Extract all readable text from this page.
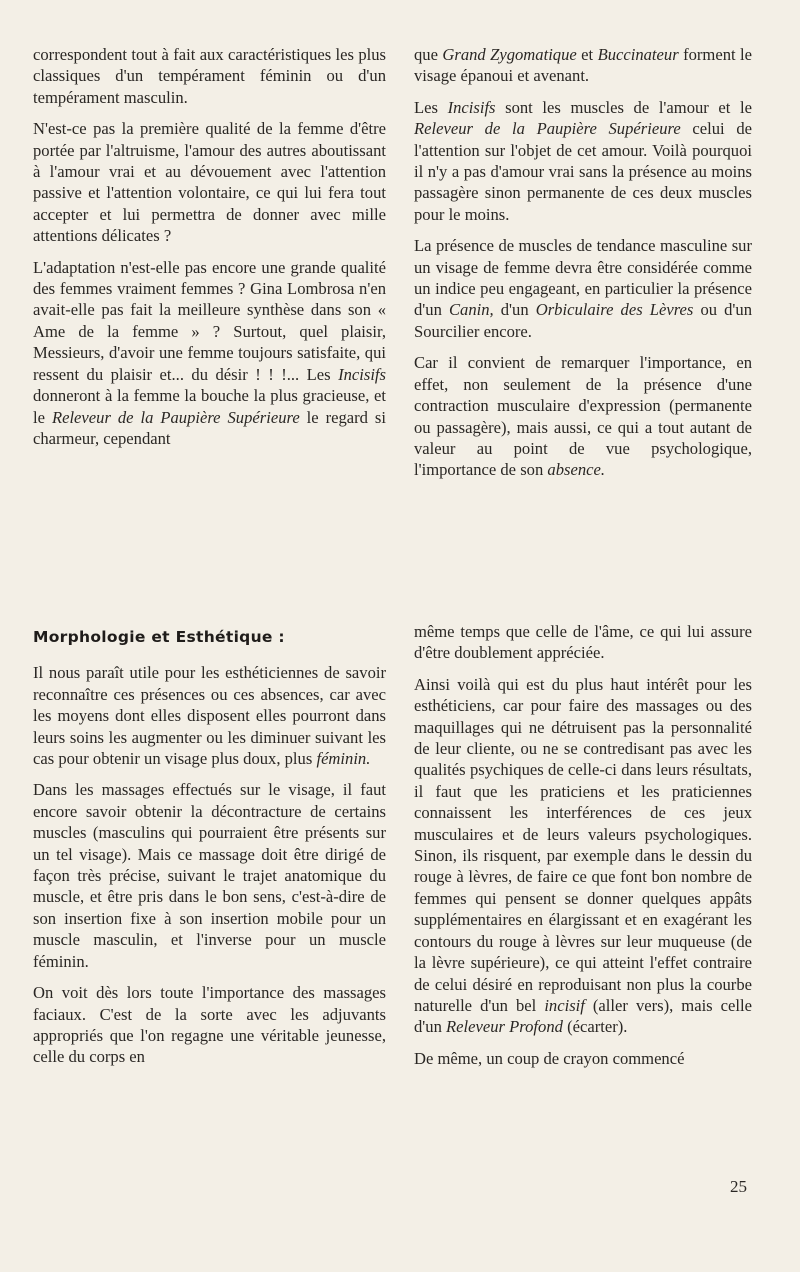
correspondent tout à fait aux caractéristiques les plus classiques d'un tempérament féminin ou d'un tempérament masculin.

N'est-ce pas la première qualité de la femme d'être portée par l'altruisme, l'amour des autres aboutissant à l'amour vrai et au dévouement avec l'attention passive et l'attention volontaire, ce qui lui fera tout accepter et lui permettra de donner avec mille attentions délicates ?

L'adaptation n'est-elle pas encore une grande qualité des femmes vraiment femmes ? Gina Lombrosa n'en avait-elle pas fait la meilleure synthèse dans son « Ame de la femme » ? Surtout, quel plaisir, Messieurs, d'avoir une femme toujours satisfaite, qui ressent du plaisir et... du désir ! ! !... Les Incisifs donneront à la femme la bouche la plus gracieuse, et le Releveur de la Paupière Supérieure le regard si charmeur, cependant

que Grand Zygomatique et Buccinateur forment le visage épanoui et avenant.

Les Incisifs sont les muscles de l'amour et le Releveur de la Paupière Supérieure celui de l'attention sur l'objet de cet amour. Voilà pourquoi il n'y a pas d'amour vrai sans la présence au moins passagère sinon permanente de ces deux muscles pour le moins.

La présence de muscles de tendance masculine sur un visage de femme devra être considérée comme un indice peu engageant, en particulier la présence d'un Canin, d'un Orbiculaire des Lèvres ou d'un Sourcilier encore.

Car il convient de remarquer l'importance, en effet, non seulement de la présence d'une contraction musculaire d'expression (permanente ou passagère), mais aussi, ce qui a tout autant de valeur au point de vue psychologique, l'importance de son absence.

Morphologie et Esthétique :

Il nous paraît utile pour les esthéticiennes de savoir reconnaître ces présences ou ces absences, car avec les moyens dont elles disposent elles pourront dans leurs soins les augmenter ou les diminuer suivant les cas pour obtenir un visage plus doux, plus féminin.

Dans les massages effectués sur le visage, il faut encore savoir obtenir la décontracture de certains muscles (masculins qui pourraient être présents sur un tel visage). Mais ce massage doit être dirigé de façon très précise, suivant le trajet anatomique du muscle, et être pris dans le bon sens, c'est-à-dire de son insertion fixe à son insertion mobile pour un muscle masculin, et l'inverse pour un muscle féminin.

On voit dès lors toute l'importance des massages faciaux. C'est de la sorte avec les adjuvants appropriés que l'on regagne une véritable jeunesse, celle du corps en

même temps que celle de l'âme, ce qui lui assure d'être doublement appréciée.

Ainsi voilà qui est du plus haut intérêt pour les esthéticiens, car pour faire des massages ou des maquillages qui ne détruisent pas la personnalité de leur cliente, ou ne se contredisant pas avec les qualités psychiques de celle-ci dans leurs résultats, il faut que les praticiens et les praticiennes connaissent les interférences de ces jeux musculaires et de leurs valeurs psychologiques. Sinon, ils risquent, par exemple dans le dessin du rouge à lèvres, de faire ce que font bon nombre de femmes qui pensent se donner quelques appâts supplémentaires en élargissant et en exagérant les contours du rouge à lèvres sur leur muqueuse (de la lèvre supérieure), ce qui atteint l'effet contraire de celui désiré en reproduisant non plus la courbe naturelle d'un bel incisif (aller vers), mais celle d'un Releveur Profond (écarter).

De même, un coup de crayon commencé

25
